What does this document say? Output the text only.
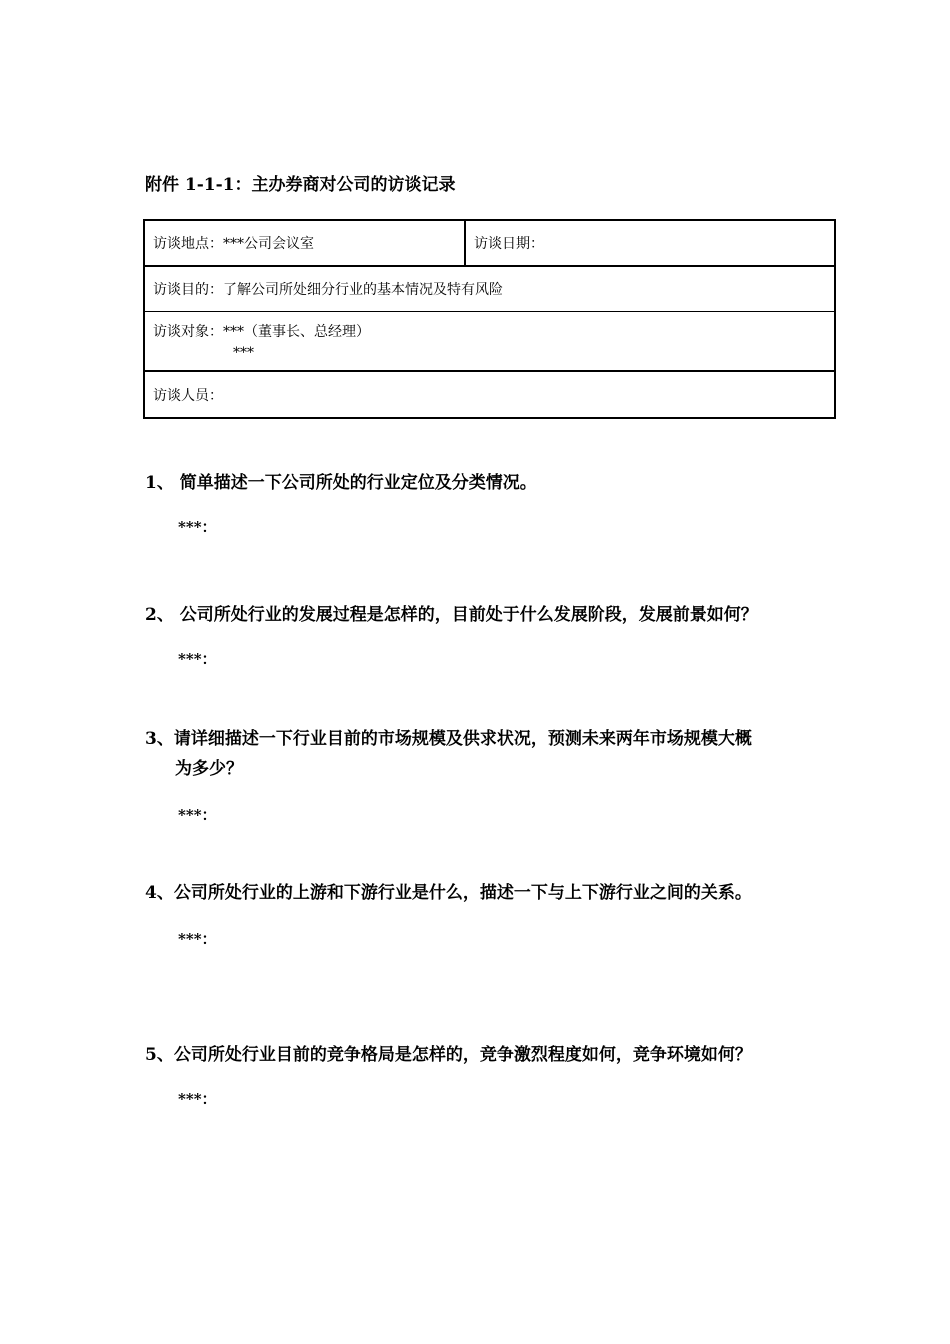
附件 1-1-1：主办券商对公司的访谈记录
访谈地点：***公司会议室	访谈日期：
访谈目的：了解公司所处细分行业的基本情况及特有风险
访谈对象：***（董事长、总经理）
***

访谈人员：
1、 简单描述一下公司所处的行业定位及分类情况。
***：
2、 公司所处行业的发展过程是怎样的，目前处于什么发展阶段，发展前景如何？
***：
3、请详细描述一下行业目前的市场规模及供求状况，预测未来两年市场规模大概
为多少？
***：
4、公司所处行业的上游和下游行业是什么，描述一下与上下游行业之间的关系。
***：
5、公司所处行业目前的竞争格局是怎样的，竞争激烈程度如何，竞争环境如何？
***：
